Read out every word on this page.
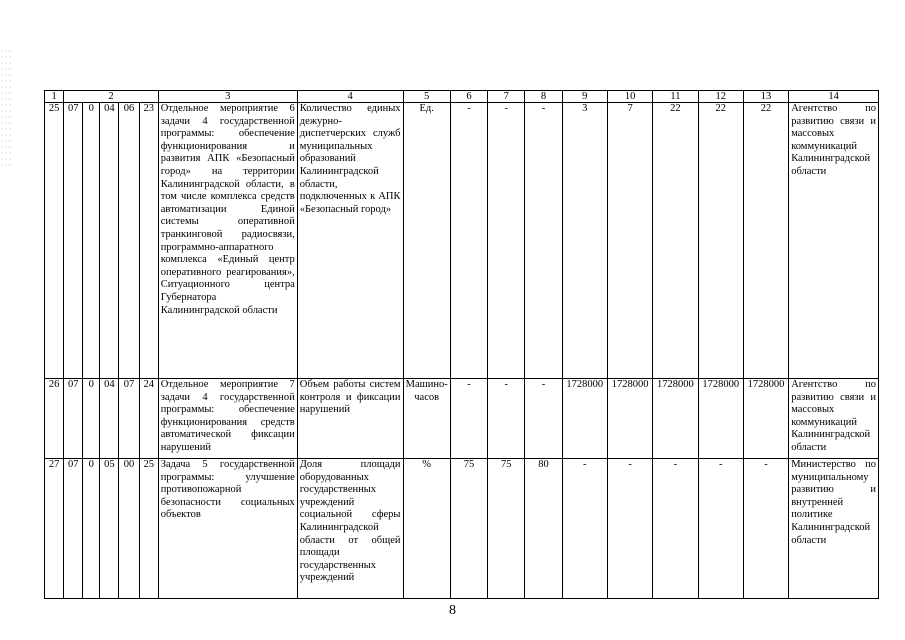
1	2					3	4	5	6	7	8	9	10	11	12	13	14
25	07	0	04	06	23	Отдельное мероприятие 6 задачи 4 государственной программы: обеспечение функционирования и развития АПК «Безопасный город» на территории Калининградской области, в том числе комплекса средств автоматизации Единой системы оперативной транкинговой радиосвязи, программно-аппаратного комплекса «Единый центр оперативного реагирования», Ситуационного центра Губернатора Калининградской области	Количество единых дежурно-диспетчерских служб муниципальных образований Калининградской области, подключенных к АПК «Безопасный город»	Ед.	-	-	-	3	7	22	22	22	Агентство по развитию связи и массовых коммуникаций Калининградской области
26	07	0	04	07	24	Отдельное мероприятие 7 задачи 4 государственной программы: обеспечение функционирования средств автоматической фиксации нарушений	Объем работы систем контроля и фиксации нарушений	Машино-часов	-	-	-	1728000	1728000	1728000	1728000	1728000	Агентство по развитию связи и массовых коммуникаций Калининградской области
27	07	0	05	00	25	Задача 5 государственной программы: улучшение противопожарной безопасности социальных объектов	Доля площади оборудованных государственных учреждений социальной сферы Калининградской области от общей площади государственных учреждений	%	75	75	80	-	-	-	-	-	Министерство по муниципальному развитию и внутренней политике Калининградской области
8
